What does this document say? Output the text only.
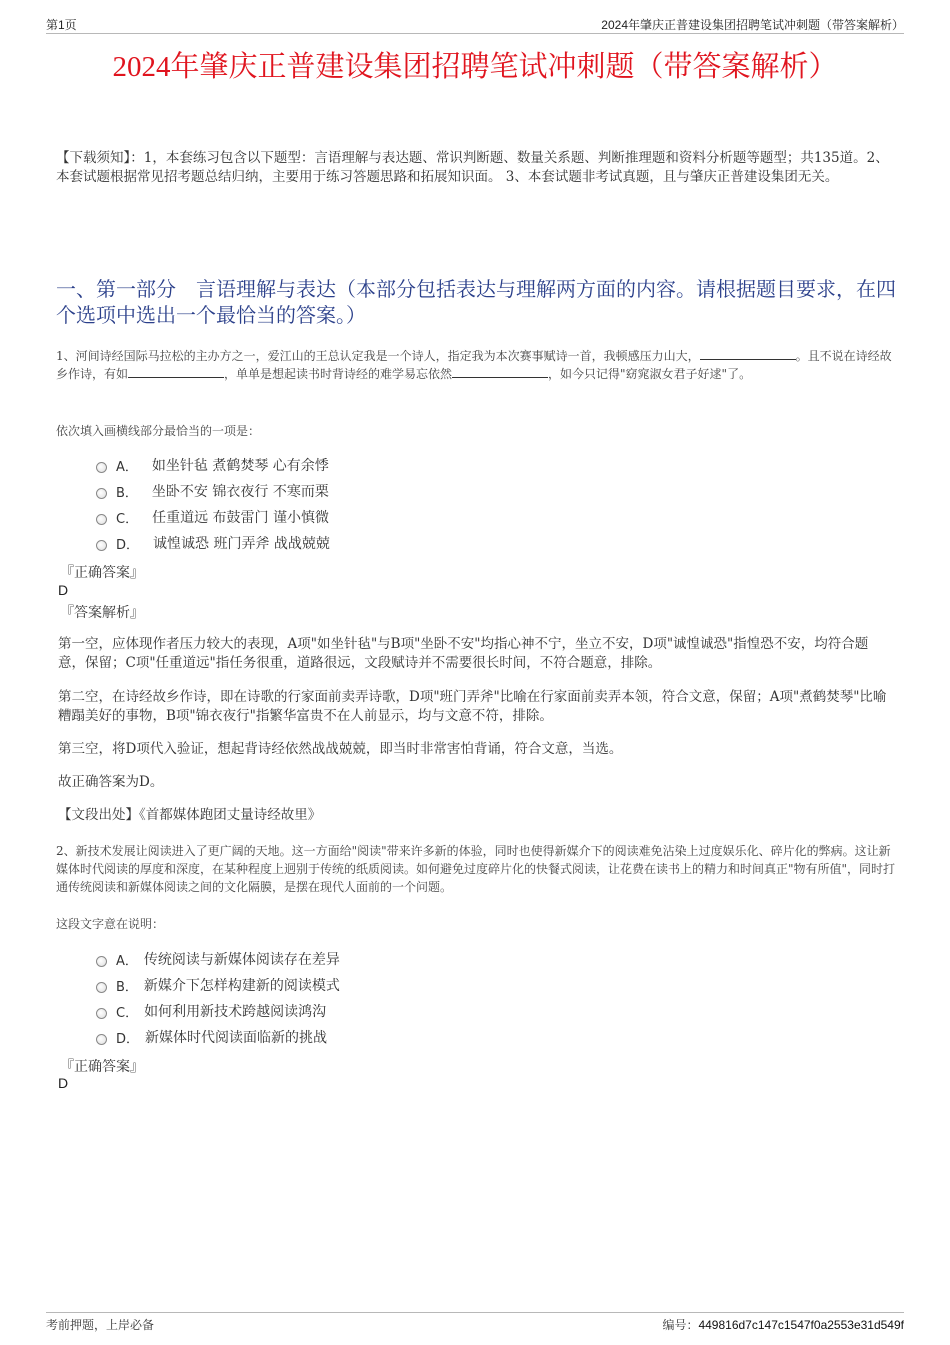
第1页	2024年肇庆正普建设集团招聘笔试冲刺题（带答案解析）
2024年肇庆正普建设集团招聘笔试冲刺题（带答案解析）
【下载须知】：1，本套练习包含以下题型：言语理解与表达题、常识判断题、数量关系题、判断推理题和资料分析题等题型；共135道。2、本套试题根据常见招考题总结归纳，主要用于练习答题思路和拓展知识面。 3、本套试题非考试真题，且与肇庆正普建设集团无关。
一、第一部分　言语理解与表达（本部分包括表达与理解两方面的内容。请根据题目要求，在四个选项中选出一个最恰当的答案。）
1、河间诗经国际马拉松的主办方之一，爱江山的王总认定我是一个诗人，指定我为本次赛事赋诗一首，我顿感压力山大，	。且不说在诗经故乡作诗，有如	，单单是想起读书时背诗经的难学易忘依然	，如今只记得"窈窕淑女君子好逑"了。
依次填入画横线部分最恰当的一项是：
A． 如坐针毡 煮鹤焚琴 心有余悸
B． 坐卧不安 锦衣夜行 不寒而栗
C． 任重道远 布鼓雷门 谨小慎微
D． 诚惶诚恐 班门弄斧 战战兢兢
『正确答案』
D
『答案解析』
第一空，应体现作者压力较大的表现，A项"如坐针毡"与B项"坐卧不安"均指心神不宁，坐立不安，D项"诚惶诚恐"指惶恐不安，均符合题意，保留；C项"任重道远"指任务很重，道路很远，文段赋诗并不需要很长时间，不符合题意，排除。
第二空，在诗经故乡作诗，即在诗歌的行家面前卖弄诗歌，D项"班门弄斧"比喻在行家面前卖弄本领，符合文意，保留；A项"煮鹤焚琴"比喻糟蹋美好的事物，B项"锦衣夜行"指繁华富贵不在人前显示，均与文意不符，排除。
第三空，将D项代入验证，想起背诗经依然战战兢兢，即当时非常害怕背诵，符合文意，当选。
故正确答案为D。
【文段出处】《首都媒体跑团丈量诗经故里》
2、新技术发展让阅读进入了更广阔的天地。这一方面给"阅读"带来许多新的体验，同时也使得新媒介下的阅读难免沾染上过度娱乐化、碎片化的弊病。这让新媒体时代阅读的厚度和深度，在某种程度上迥别于传统的纸质阅读。如何避免过度碎片化的快餐式阅读，让花费在读书上的精力和时间真正"物有所值"，同时打通传统阅读和新媒体阅读之间的文化隔膜，是摆在现代人面前的一个问题。
这段文字意在说明：
A． 传统阅读与新媒体阅读存在差异
B． 新媒介下怎样构建新的阅读模式
C． 如何利用新技术跨越阅读鸿沟
D． 新媒体时代阅读面临新的挑战
『正确答案』
D
考前押题，上岸必备	编号：449816d7c147c1547f0a2553e31d549f
